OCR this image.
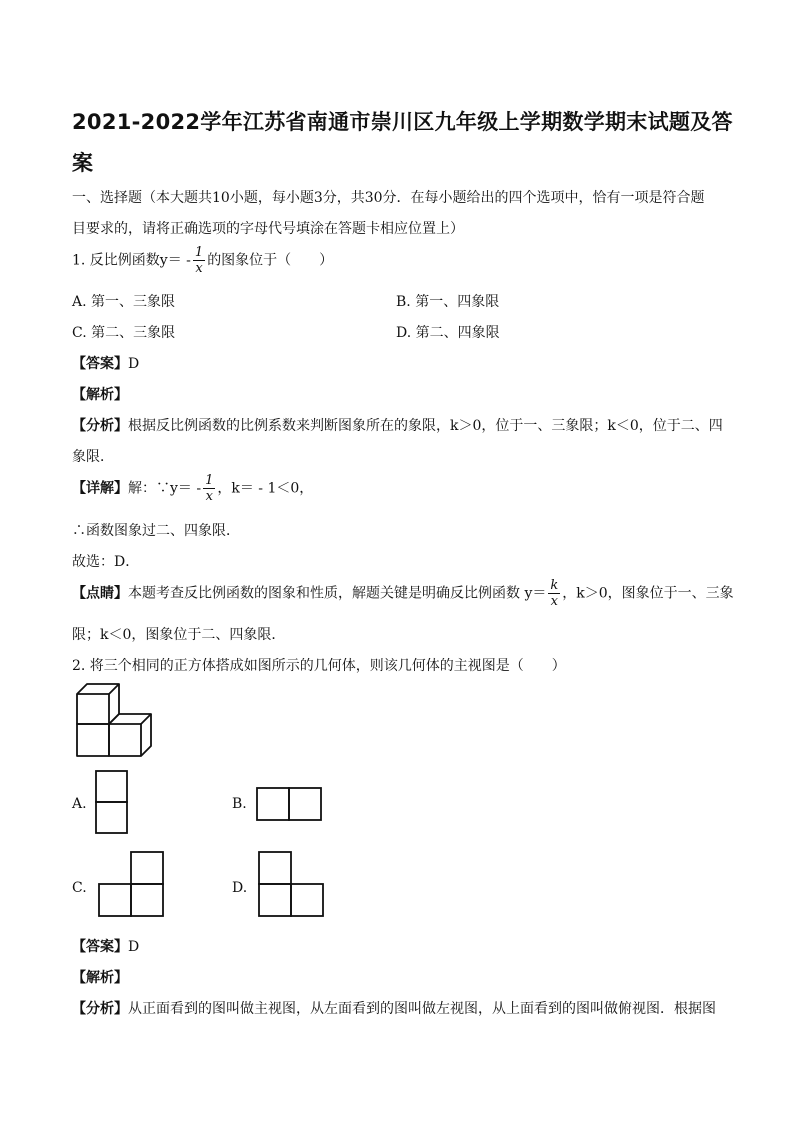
2021-2022学年江苏省南通市崇川区九年级上学期数学期末试题及答
案
一、选择题（本大题共10小题，每小题3分，共30分．在每小题给出的四个选项中，恰有一项是符合题
目要求的，请将正确选项的字母代号填涂在答题卡相应位置上）
1. 反比例函数$y= - \frac{1}{x}$ 的图象位于（　　）
A. 第一、三象限	B. 第一、四象限
C. 第二、三象限	D. 第二、四象限
【答案】D
【解析】
【分析】根据反比例函数的比例系数来判断图象所在的象限，k＞0，位于一、三象限；k＜0，位于二、四
象限．
【详解】解：∵y＝ - $\frac{1}{x}$ ，k＝ - 1＜0，
∴函数图象过二、四象限．
故选：D．
【点睛】本题考查反比例函数的图象和性质，解题关键是明确反比例函数 $y= \frac{k}{x}$ ，k＞0，图象位于一、三象
限；k＜0，图象位于二、四象限．
2. 将三个相同的正方体搭成如图所示的几何体，则该几何体的主视图是（　　）
A.	B.
C.	D.
【答案】D
【解析】
【分析】从正面看到的图叫做主视图，从左面看到的图叫做左视图，从上面看到的图叫做俯视图．根据图
